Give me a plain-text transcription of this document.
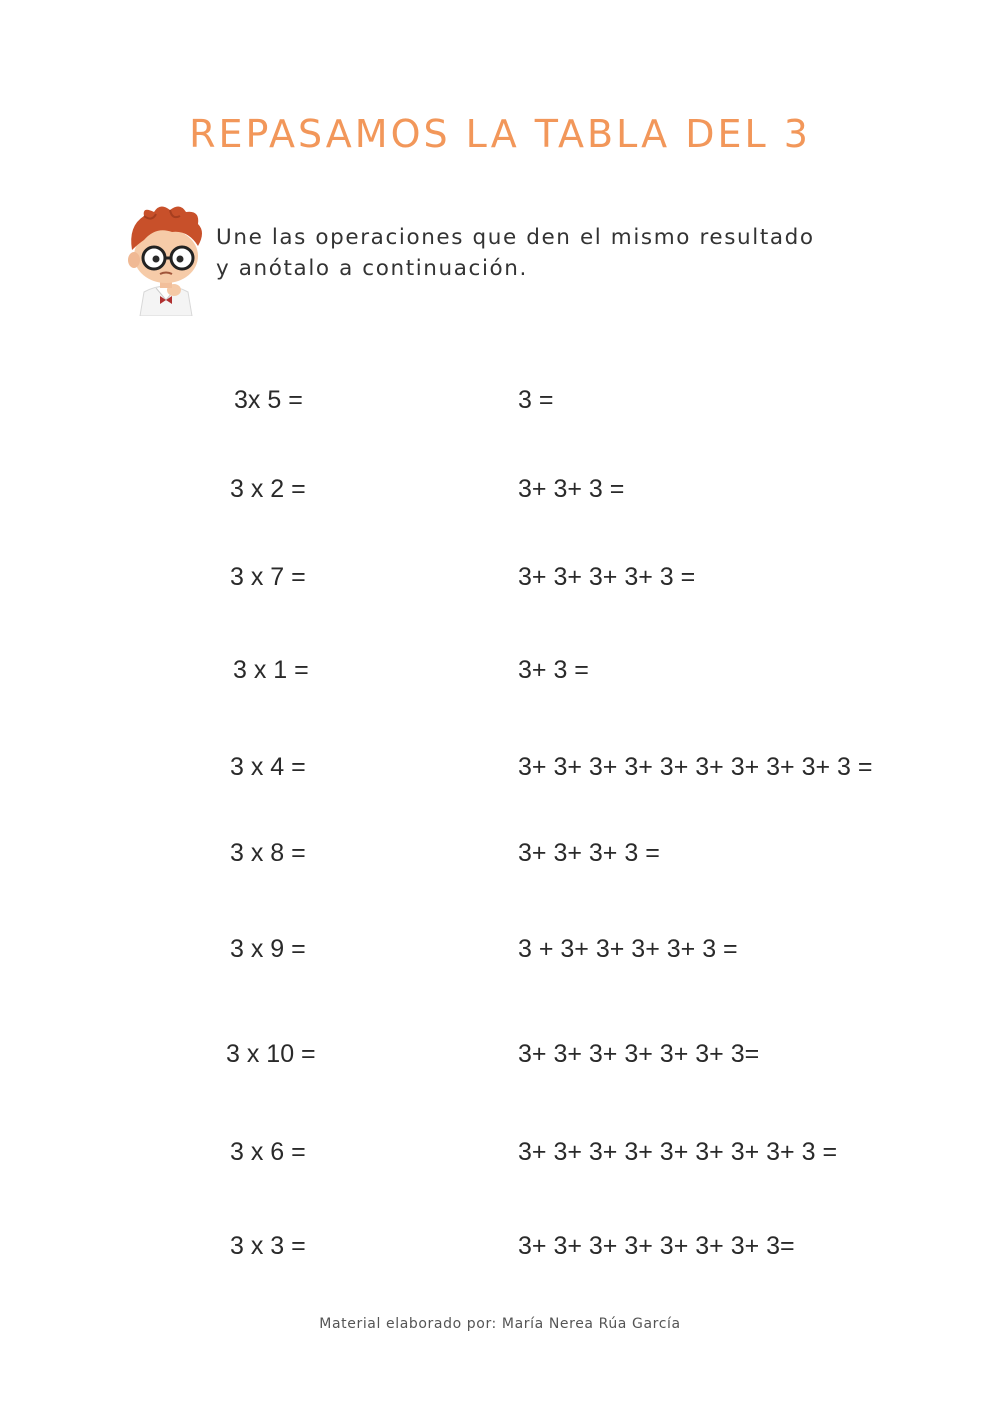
REPASAMOS LA TABLA DEL 3
Une las operaciones que den el mismo resultado
y anótalo a continuación.
3x 5 =
3 x 2 =
3 x 7 =
3 x 1 =
3 x 4 =
3 x 8 =
3 x 9 =
3 x 10 =
3 x 6 =
3 x 3 =
3 =
3+ 3+ 3 =
3+ 3+ 3+ 3+ 3 =
3+ 3 =
3+ 3+ 3+ 3+ 3+ 3+ 3+ 3+ 3+ 3 =
3+ 3+ 3+ 3 =
3 + 3+ 3+ 3+ 3+ 3 =
3+ 3+ 3+ 3+ 3+ 3+ 3=
3+ 3+ 3+ 3+ 3+ 3+ 3+ 3+ 3 =
3+ 3+ 3+ 3+ 3+ 3+ 3+ 3=
Material elaborado por: María Nerea Rúa García
